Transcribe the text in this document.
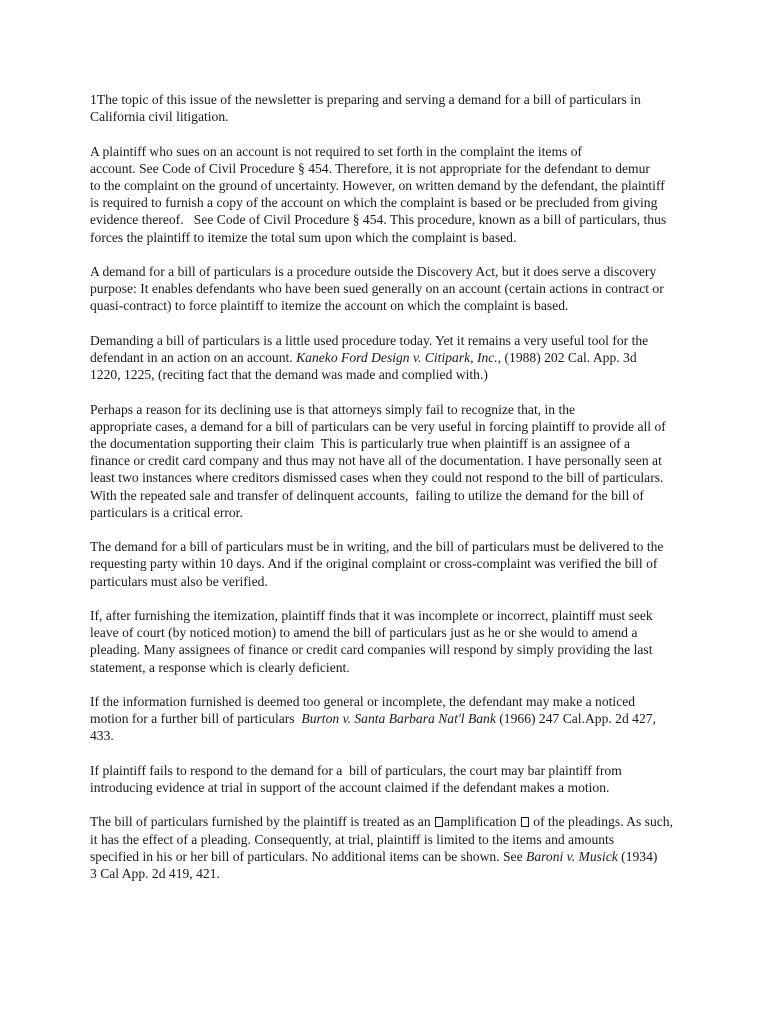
1The topic of this issue of the newsletter is preparing and serving a demand for a bill of particulars in
California civil litigation.

A plaintiff who sues on an account is not required to set forth in the complaint the items of
account. See Code of Civil Procedure § 454. Therefore, it is not appropriate for the defendant to demur
to the complaint on the ground of uncertainty. However, on written demand by the defendant, the plaintiff
is required to furnish a copy of the account on which the complaint is based or be precluded from giving
evidence thereof.   See Code of Civil Procedure § 454. This procedure, known as a bill of particulars, thus
forces the plaintiff to itemize the total sum upon which the complaint is based.

A demand for a bill of particulars is a procedure outside the Discovery Act, but it does serve a discovery
purpose: It enables defendants who have been sued generally on an account (certain actions in contract or
quasi-contract) to force plaintiff to itemize the account on which the complaint is based.

Demanding a bill of particulars is a little used procedure today. Yet it remains a very useful tool for the
defendant in an action on an account. Kaneko Ford Design v. Citipark, Inc., (1988) 202 Cal. App. 3d
1220, 1225, (reciting fact that the demand was made and complied with.)

Perhaps a reason for its declining use is that attorneys simply fail to recognize that, in the
appropriate cases, a demand for a bill of particulars can be very useful in forcing plaintiff to provide all of
the documentation supporting their claim  This is particularly true when plaintiff is an assignee of a
finance or credit card company and thus may not have all of the documentation. I have personally seen at
least two instances where creditors dismissed cases when they could not respond to the bill of particulars.
With the repeated sale and transfer of delinquent accounts,  failing to utilize the demand for the bill of
particulars is a critical error.

The demand for a bill of particulars must be in writing, and the bill of particulars must be delivered to the
requesting party within 10 days. And if the original complaint or cross-complaint was verified the bill of
particulars must also be verified.

If, after furnishing the itemization, plaintiff finds that it was incomplete or incorrect, plaintiff must seek
leave of court (by noticed motion) to amend the bill of particulars just as he or she would to amend a
pleading. Many assignees of finance or credit card companies will respond by simply providing the last
statement, a response which is clearly deficient.

If the information furnished is deemed too general or incomplete, the defendant may make a noticed
motion for a further bill of particulars  Burton v. Santa Barbara Nat'l Bank (1966) 247 Cal.App. 2d 427,
433.

If plaintiff fails to respond to the demand for a  bill of particulars, the court may bar plaintiff from
introducing evidence at trial in support of the account claimed if the defendant makes a motion.

The bill of particulars furnished by the plaintiff is treated as an amplification  of the pleadings. As such,
it has the effect of a pleading. Consequently, at trial, plaintiff is limited to the items and amounts
specified in his or her bill of particulars. No additional items can be shown. See Baroni v. Musick (1934)
3 Cal App. 2d 419, 421.
